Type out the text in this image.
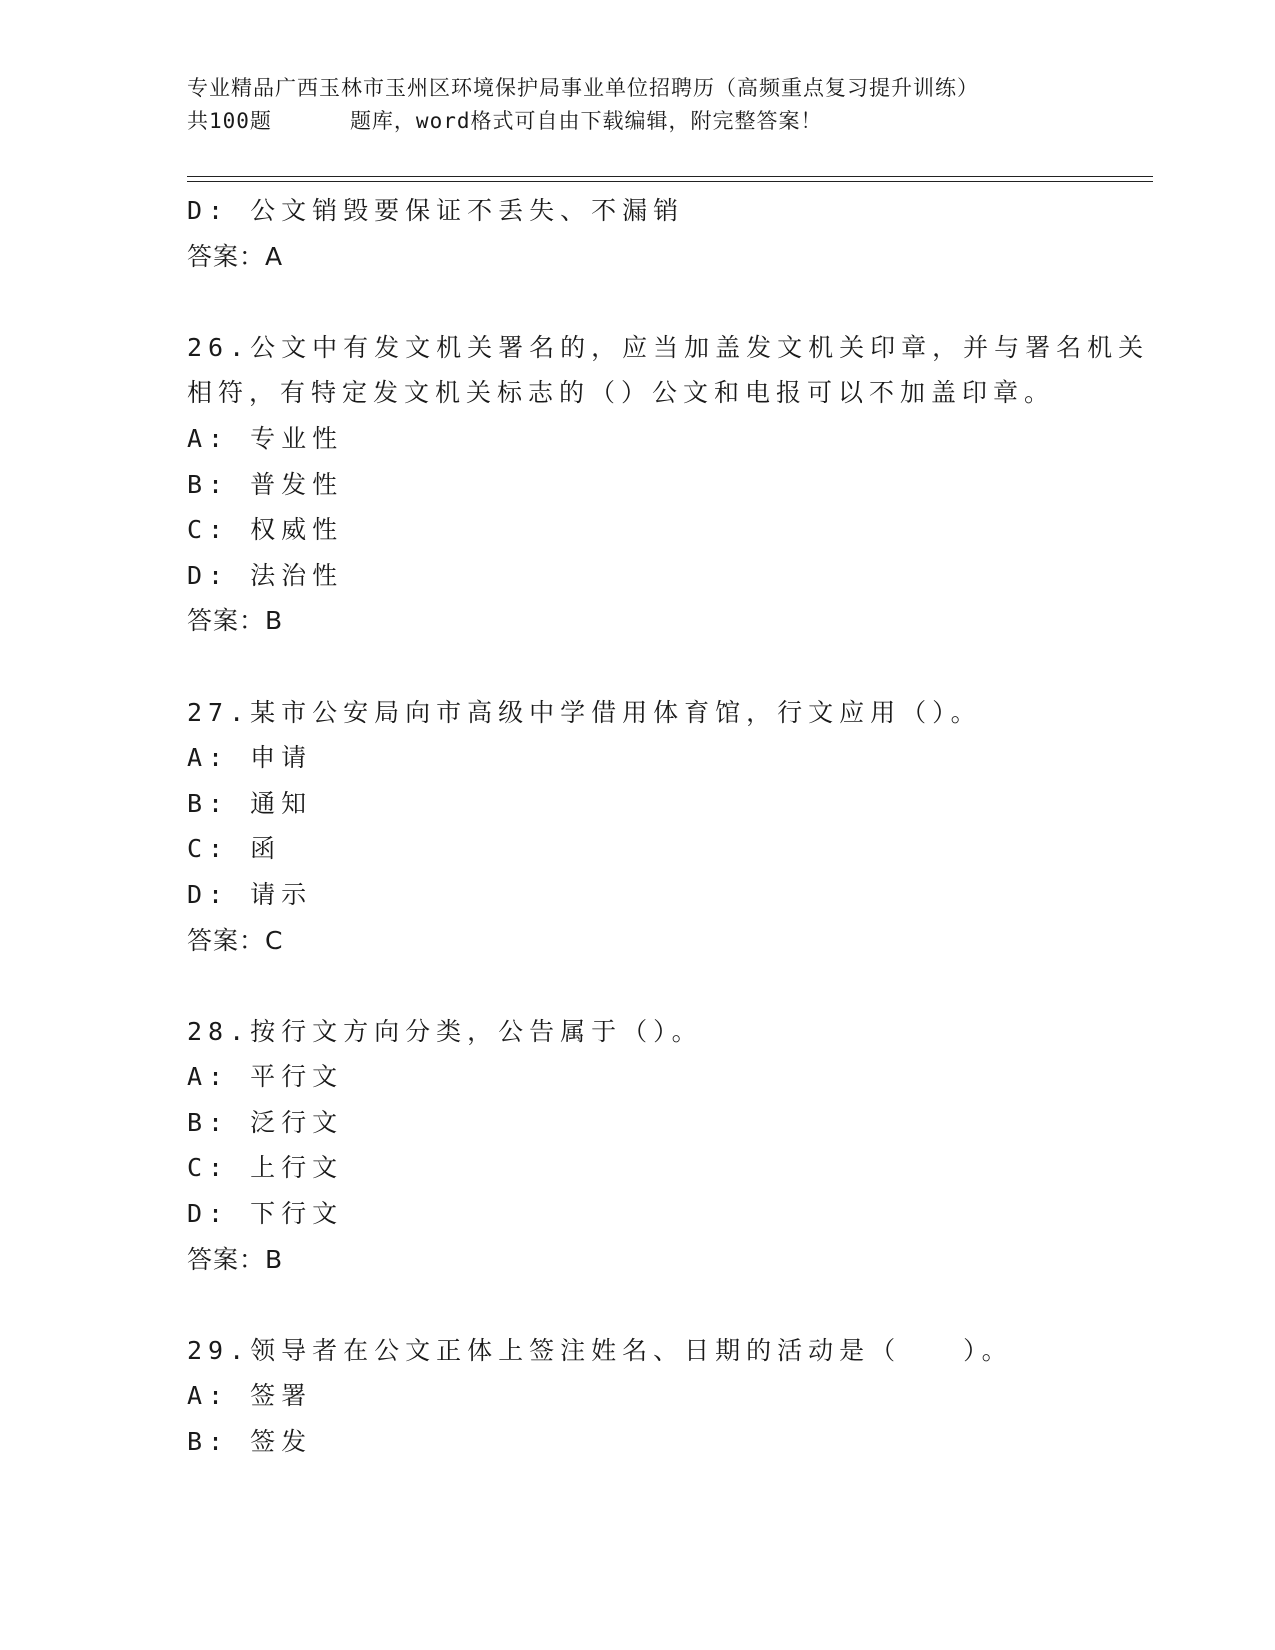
专业精品广西玉林市玉州区环境保护局事业单位招聘历（高频重点复习提升训练）
共100题	题库，word格式可自由下载编辑，附完整答案！
D: 公文销毁要保证不丢失、不漏销
答案：A
26.公文中有发文机关署名的，应当加盖发文机关印章，并与署名机关
相符，有特定发文机关标志的（）公文和电报可以不加盖印章。
A: 专业性
B: 普发性
C: 权威性
D: 法治性
答案：B
27.某市公安局向市高级中学借用体育馆，行文应用（）。
A: 申请
B: 通知
C: 函
D: 请示
答案：C
28.按行文方向分类，公告属于（）。
A: 平行文
B: 泛行文
C: 上行文
D: 下行文
答案：B
29.领导者在公文正体上签注姓名、日期的活动是（　　）。
A: 签署
B: 签发
